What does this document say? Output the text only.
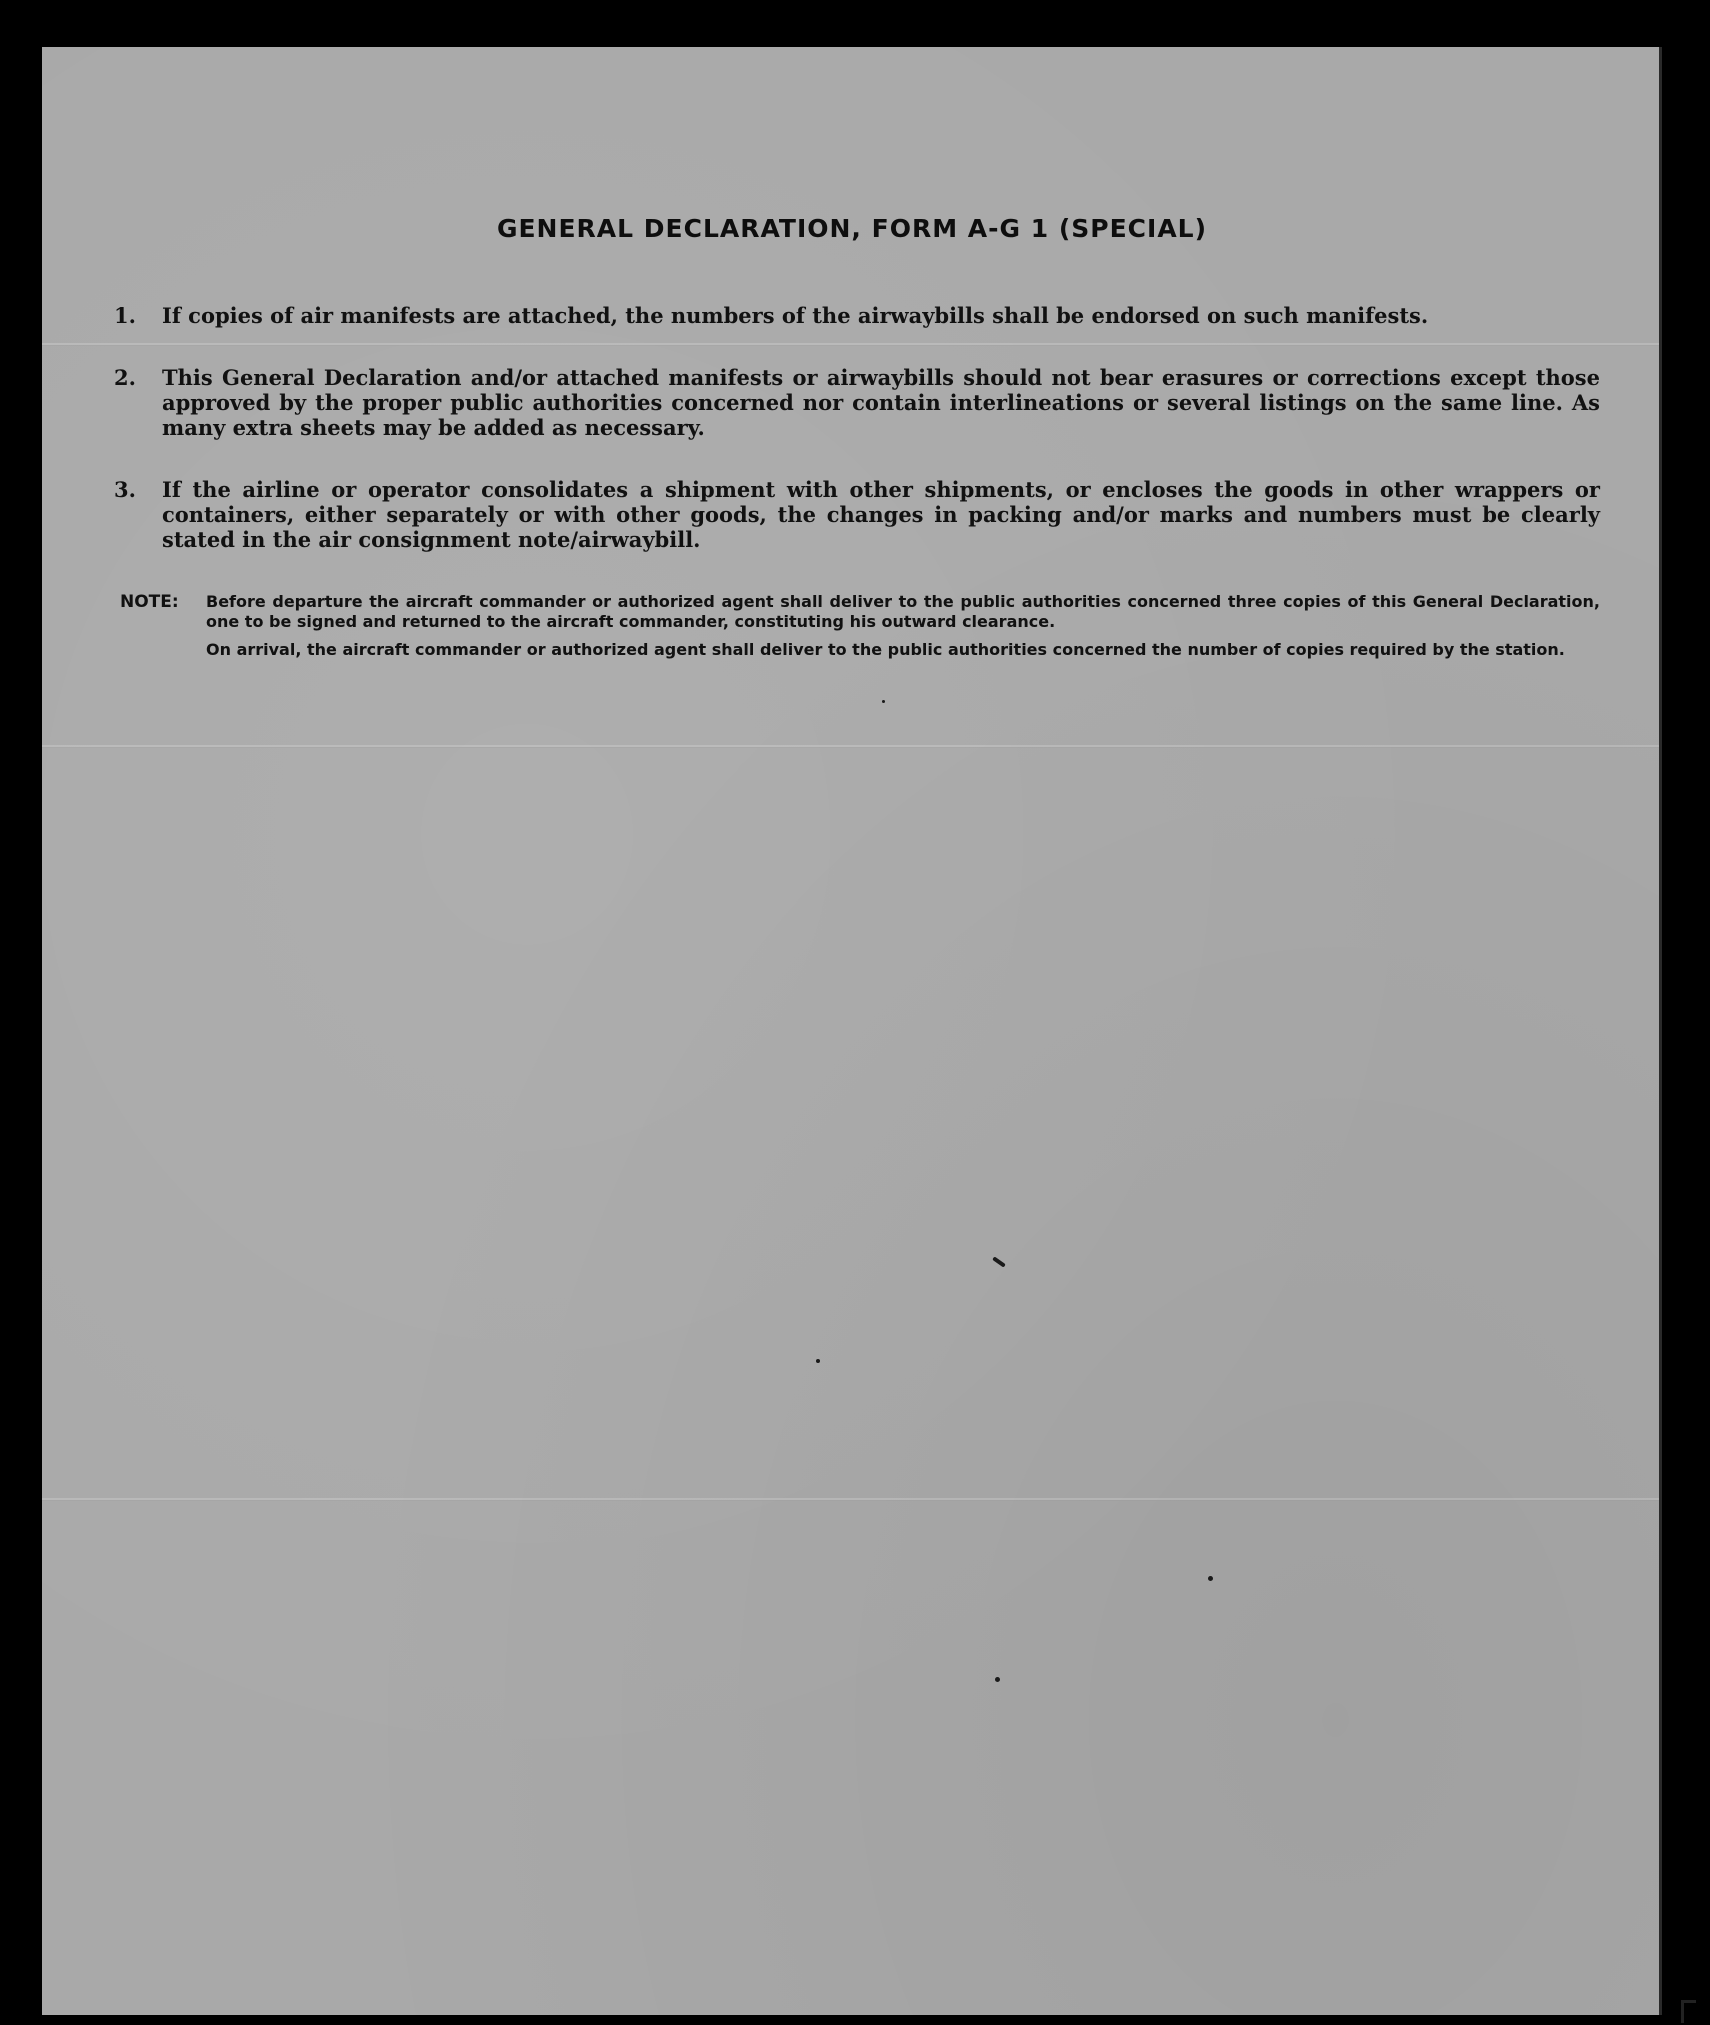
GENERAL DECLARATION, FORM A-G 1 (SPECIAL)
1.	If copies of air manifests are attached, the numbers of the airwaybills shall be endorsed on such manifests.
2.	This General Declaration and/or attached manifests or airwaybills should not bear erasures or corrections except those approved by the proper public authorities concerned nor contain interlineations or several listings on the same line. As many extra sheets may be added as necessary.
3.	If the airline or operator consolidates a shipment with other shipments, or encloses the goods in other wrappers or containers, either separately or with other goods, the changes in packing and/or marks and numbers must be clearly stated in the air consignment note/airwaybill.
NOTE: Before departure the aircraft commander or authorized agent shall deliver to the public authorities concerned three copies of this General Declaration, one to be signed and returned to the aircraft commander, constituting his outward clearance.

On arrival, the aircraft commander or authorized agent shall deliver to the public authorities concerned the number of copies required by the station.
